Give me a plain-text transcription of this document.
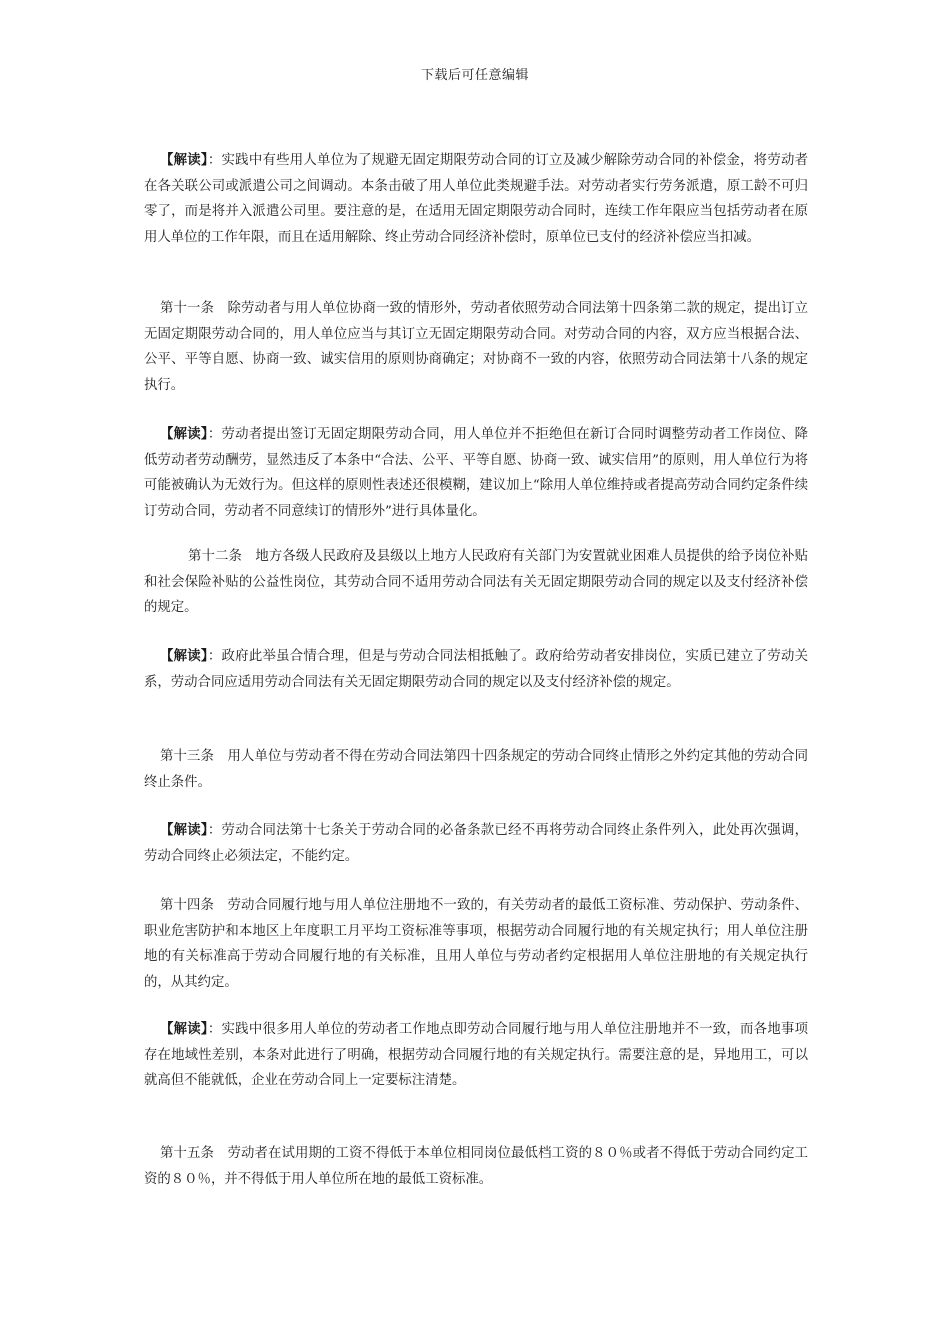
下载后可任意编辑

【解读】：实践中有些用人单位为了规避无固定期限劳动合同的订立及减少解除劳动合同的补偿金，将劳动者在各关联公司或派遣公司之间调动。本条击破了用人单位此类规避手法。对劳动者实行劳务派遣，原工龄不可归零了，而是将并入派遣公司里。要注意的是，在适用无固定期限劳动合同时，连续工作年限应当包括劳动者在原用人单位的工作年限，而且在适用解除、终止劳动合同经济补偿时，原单位已支付的经济补偿应当扣减。

第十一条　除劳动者与用人单位协商一致的情形外，劳动者依照劳动合同法第十四条第二款的规定，提出订立无固定期限劳动合同的，用人单位应当与其订立无固定期限劳动合同。对劳动合同的内容，双方应当根据合法、公平、平等自愿、协商一致、诚实信用的原则协商确定；对协商不一致的内容，依照劳动合同法第十八条的规定执行。

【解读】：劳动者提出签订无固定期限劳动合同，用人单位并不拒绝但在新订合同时调整劳动者工作岗位、降低劳动者劳动酬劳，显然违反了本条中“合法、公平、平等自愿、协商一致、诚实信用”的原则，用人单位行为将可能被确认为无效行为。但这样的原则性表述还很模糊，建议加上“除用人单位维持或者提高劳动合同约定条件续订劳动合同，劳动者不同意续订的情形外”进行具体量化。

第十二条　地方各级人民政府及县级以上地方人民政府有关部门为安置就业困难人员提供的给予岗位补贴和社会保险补贴的公益性岗位，其劳动合同不适用劳动合同法有关无固定期限劳动合同的规定以及支付经济补偿的规定。

【解读】：政府此举虽合情合理，但是与劳动合同法相抵触了。政府给劳动者安排岗位，实质已建立了劳动关系，劳动合同应适用劳动合同法有关无固定期限劳动合同的规定以及支付经济补偿的规定。

第十三条　用人单位与劳动者不得在劳动合同法第四十四条规定的劳动合同终止情形之外约定其他的劳动合同终止条件。

【解读】：劳动合同法第十七条关于劳动合同的必备条款已经不再将劳动合同终止条件列入，此处再次强调，劳动合同终止必须法定，不能约定。

第十四条　劳动合同履行地与用人单位注册地不一致的，有关劳动者的最低工资标准、劳动保护、劳动条件、职业危害防护和本地区上年度职工月平均工资标准等事项，根据劳动合同履行地的有关规定执行；用人单位注册地的有关标准高于劳动合同履行地的有关标准，且用人单位与劳动者约定根据用人单位注册地的有关规定执行的，从其约定。

【解读】：实践中很多用人单位的劳动者工作地点即劳动合同履行地与用人单位注册地并不一致，而各地事项存在地域性差别，本条对此进行了明确，根据劳动合同履行地的有关规定执行。需要注意的是，异地用工，可以就高但不能就低，企业在劳动合同上一定要标注清楚。

第十五条　劳动者在试用期的工资不得低于本单位相同岗位最低档工资的８０％或者不得低于劳动合同约定工资的８０％，并不得低于用人单位所在地的最低工资标准。
